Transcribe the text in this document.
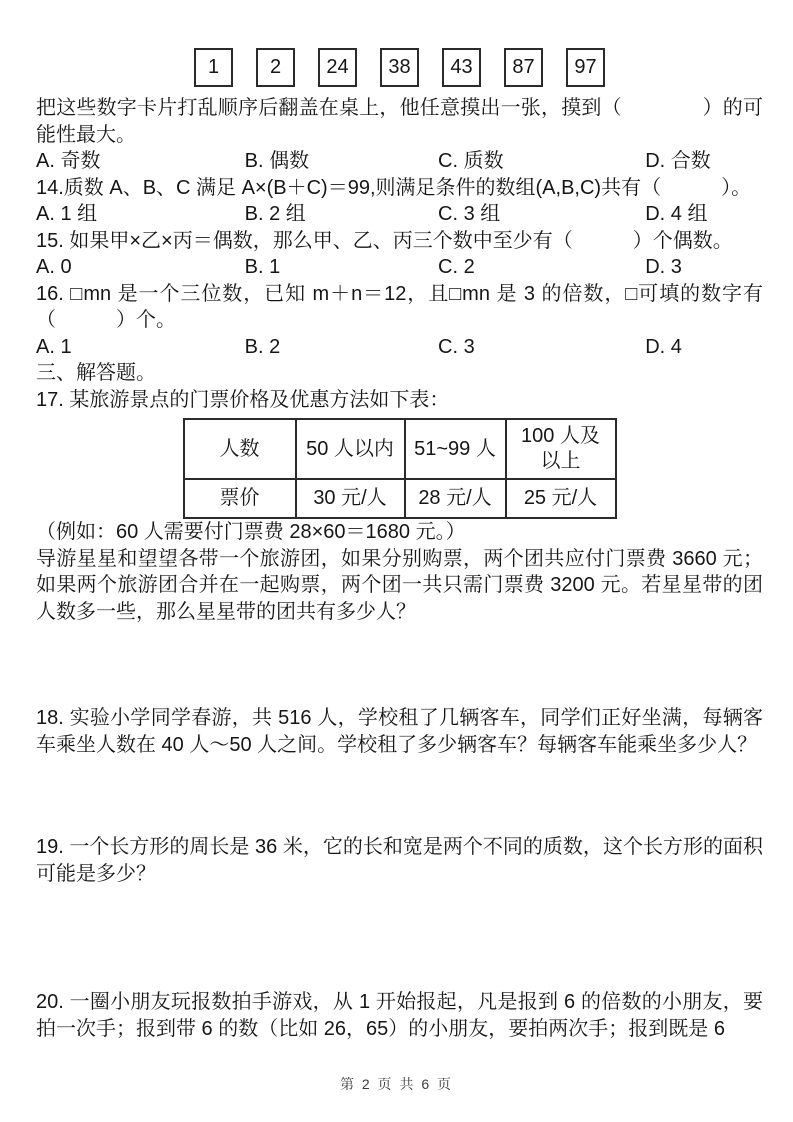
1	2	24	38	43	87	97

把这些数字卡片打乱顺序后翻盖在桌上，他任意摸出一张，摸到（　　　　）的可能性最大。

A. 奇数	B. 偶数	C. 质数	D. 合数

14.质数 A、B、C 满足 A×(B＋C)＝99,则满足条件的数组(A,B,C)共有（　　　）。

A. 1 组	B. 2 组	C. 3 组	D. 4 组

15. 如果甲×乙×丙＝偶数，那么甲、乙、丙三个数中至少有（　　　）个偶数。

A. 0	B. 1	C. 2	D. 3

16. □mn 是一个三位数，已知 m＋n＝12，且□mn 是 3 的倍数，□可填的数字有（　　　）个。

A. 1	B. 2	C. 3	D. 4

三、解答题。

17. 某旅游景点的门票价格及优惠方法如下表：

人数	50 人以内	51~99 人	100 人及以上
票价	30 元/人	28 元/人	25 元/人

（例如：60 人需要付门票费 28×60＝1680 元。）

导游星星和望望各带一个旅游团，如果分别购票，两个团共应付门票费 3660 元；如果两个旅游团合并在一起购票，两个团一共只需门票费 3200 元。若星星带的团人数多一些，那么星星带的团共有多少人？

18. 实验小学同学春游，共 516 人，学校租了几辆客车，同学们正好坐满，每辆客车乘坐人数在 40 人～50 人之间。学校租了多少辆客车？每辆客车能乘坐多少人？

19. 一个长方形的周长是 36 米，它的长和宽是两个不同的质数，这个长方形的面积可能是多少？

20. 一圈小朋友玩报数拍手游戏，从 1 开始报起，凡是报到 6 的倍数的小朋友，要拍一次手；报到带 6 的数（比如 26，65）的小朋友，要拍两次手；报到既是 6

第 2 页 共 6 页
